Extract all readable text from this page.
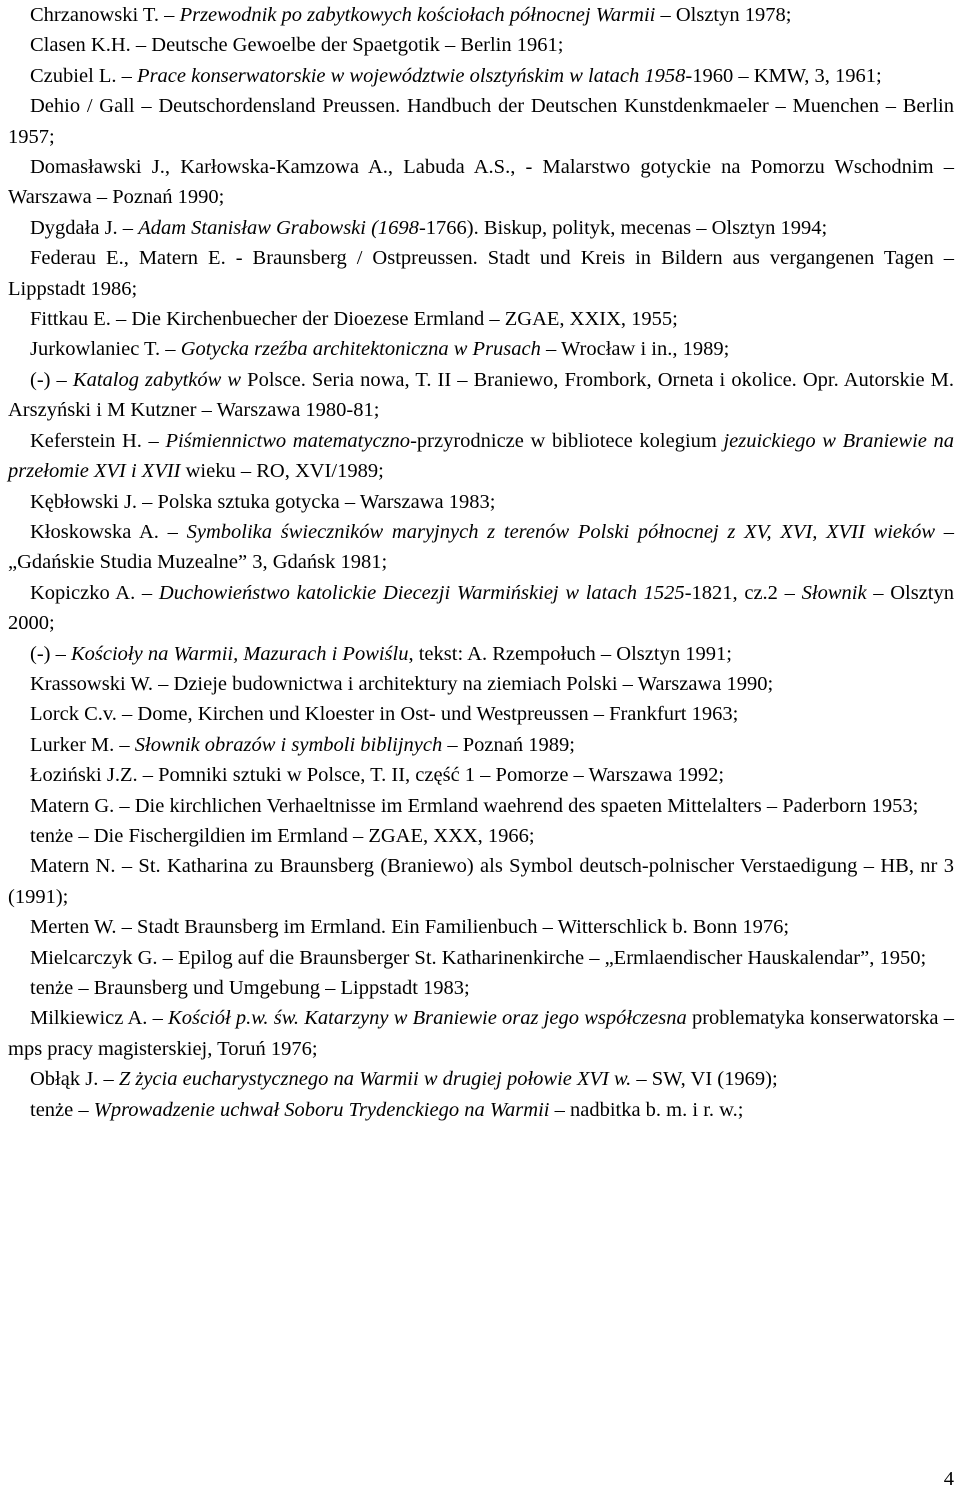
Chrzanowski T. – Przewodnik po zabytkowych kościołach północnej Warmii – Olsztyn 1978;

Clasen K.H. – Deutsche Gewoelbe der Spaetgotik – Berlin 1961;

Czubiel L. – Prace konserwatorskie w województwie olsztyńskim w latach 1958-1960 – KMW, 3, 1961;

Dehio / Gall – Deutschordensland Preussen. Handbuch der Deutschen Kunstdenkmaeler – Muenchen – Berlin 1957;

Domasławski J., Karłowska-Kamzowa A., Labuda A.S., - Malarstwo gotyckie na Pomorzu Wschodnim – Warszawa – Poznań 1990;

Dygdała J. – Adam Stanisław Grabowski (1698-1766). Biskup, polityk, mecenas – Olsztyn 1994;

Federau E., Matern E. - Braunsberg / Ostpreussen. Stadt und Kreis in Bildern aus vergangenen Tagen – Lippstadt 1986;

Fittkau E. – Die Kirchenbuecher der Dioezese Ermland – ZGAE, XXIX, 1955;

Jurkowlaniec T. – Gotycka rzeźba architektoniczna w Prusach – Wrocław i in., 1989;

(-) – Katalog zabytków w Polsce. Seria nowa, T. II – Braniewo, Frombork, Orneta i okolice. Opr. Autorskie M. Arszyński i M Kutzner – Warszawa 1980-81;

Keferstein H. – Piśmiennictwo matematyczno-przyrodnicze w bibliotece kolegium jezuickiego w Braniewie na przełomie XVI i XVII wieku – RO, XVI/1989;

Kębłowski J. – Polska sztuka gotycka – Warszawa 1983;

Kłoskowska A. – Symbolika świeczników maryjnych z terenów Polski północnej z XV, XVI, XVII wieków – „Gdańskie Studia Muzealne” 3, Gdańsk 1981;

Kopiczko A. – Duchowieństwo katolickie Diecezji Warmińskiej w latach 1525-1821, cz.2 – Słownik – Olsztyn 2000;

(-) – Kościoły na Warmii, Mazurach i Powiślu, tekst: A. Rzempołuch – Olsztyn 1991;

Krassowski W. – Dzieje budownictwa i architektury na ziemiach Polski – Warszawa 1990;

Lorck C.v. – Dome, Kirchen und Kloester in Ost- und Westpreussen – Frankfurt 1963;

Lurker M. – Słownik obrazów i symboli biblijnych – Poznań 1989;

Łoziński J.Z. – Pomniki sztuki w Polsce, T. II, część 1 – Pomorze – Warszawa 1992;

Matern G. – Die kirchlichen Verhaeltnisse im Ermland waehrend des spaeten Mittelalters – Paderborn 1953;

tenże – Die Fischergildien im Ermland – ZGAE, XXX, 1966;

Matern N. – St. Katharina zu Braunsberg (Braniewo) als Symbol deutsch-polnischer Verstaedigung – HB, nr 3 (1991);

Merten W. – Stadt Braunsberg im Ermland. Ein Familienbuch – Witterschlick b. Bonn 1976;

Mielcarczyk G. – Epilog auf die Braunsberger St. Katharinenkirche – „Ermlaendischer Hauskalendar”, 1950;

tenże – Braunsberg und Umgebung – Lippstadt 1983;

Milkiewicz A. – Kościół p.w. św. Katarzyny w Braniewie oraz jego współczesna problematyka konserwatorska – mps pracy magisterskiej, Toruń 1976;

Obłąk J. – Z życia eucharystycznego na Warmii w drugiej połowie XVI w. – SW, VI (1969);

tenże – Wprowadzenie uchwał Soboru Trydenckiego na Warmii – nadbitka b. m. i r. w.;

4
